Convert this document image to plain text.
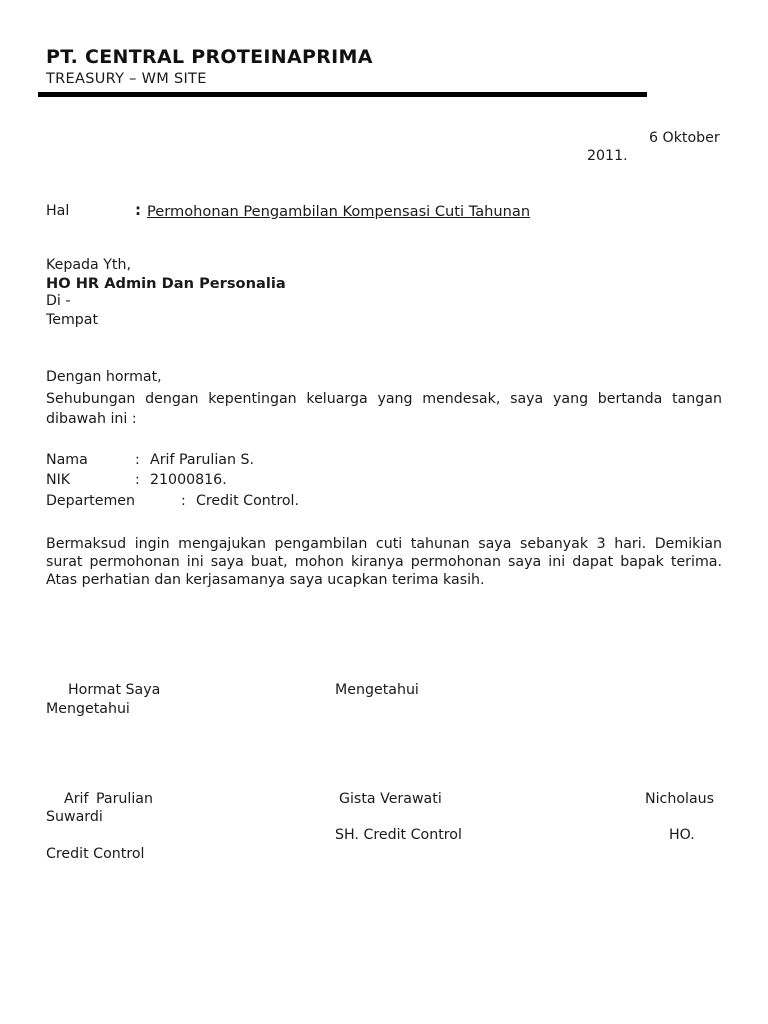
PT. CENTRAL PROTEINAPRIMA
TREASURY – WM SITE
6 Oktober
2011.
Hal	: Permohonan Pengambilan Kompensasi Cuti Tahunan
Kepada Yth,
HO HR Admin Dan Personalia
Di -
Tempat
Dengan hormat,
Sehubungan dengan kepentingan keluarga yang mendesak, saya yang bertanda tangan dibawah ini :
Nama	: Arif Parulian S.
NIK	: 21000816.
Departemen	: Credit Control.
Bermaksud ingin mengajukan pengambilan cuti tahunan saya sebanyak 3 hari. Demikian surat permohonan ini saya buat, mohon kiranya permohonan saya ini dapat bapak terima. Atas perhatian dan kerjasamanya saya ucapkan terima kasih.
Hormat Saya	Mengetahui
Mengetahui
Arif Parulian	Gista Verawati	Nicholaus
Suwardi
SH. Credit Control	HO.
Credit Control
